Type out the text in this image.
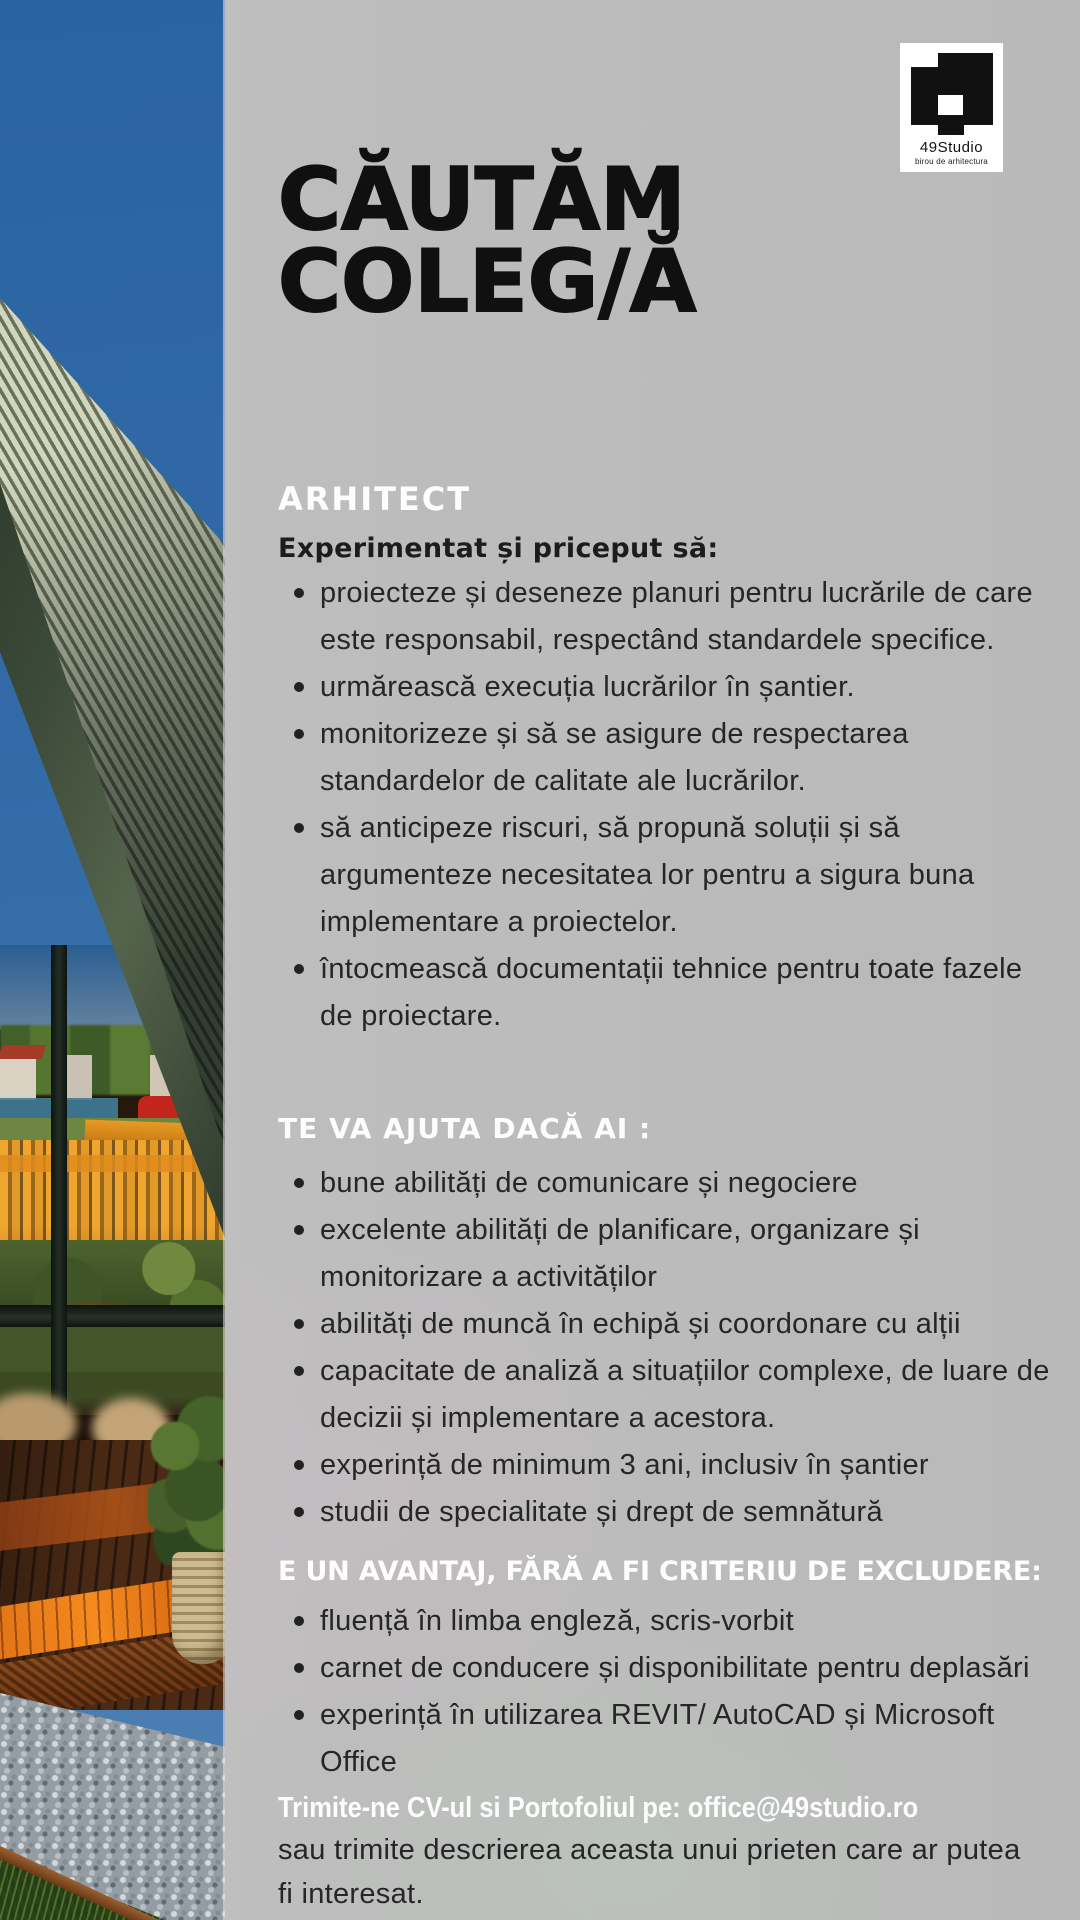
49Studio
birou de arhitectura
CĂUTĂM
COLEG/Ă
ARHITECT
Experimentat și priceput să:
proiecteze și deseneze planuri pentru lucrările de care este responsabil, respectând standardele specifice.
urmărească execuția lucrărilor în șantier.
monitorizeze și să se asigure de respectarea standardelor de calitate ale lucrărilor.
să anticipeze riscuri, să propună soluții și să argumenteze necesitatea lor pentru a sigura buna implementare a proiectelor.
întocmească documentații tehnice pentru toate fazele de proiectare.
TE VA AJUTA DACĂ AI :
bune abilități de comunicare și negociere
excelente abilități de planificare, organizare și monitorizare a activităților
abilități de muncă în echipă și coordonare cu alții
capacitate de analiză a situațiilor complexe, de luare de decizii și implementare a acestora.
experință de minimum 3 ani, inclusiv în șantier
studii de specialitate și drept de semnătură
E UN AVANTAJ, FĂRĂ A FI CRITERIU DE EXCLUDERE:
fluență în limba engleză, scris-vorbit
carnet de conducere și disponibilitate pentru deplasări
experință în utilizarea REVIT/ AutoCAD și Microsoft Office
Trimite-ne CV-ul si Portofoliul pe: office@49studio.ro
sau trimite descrierea aceasta unui prieten care ar putea
fi interesat.
